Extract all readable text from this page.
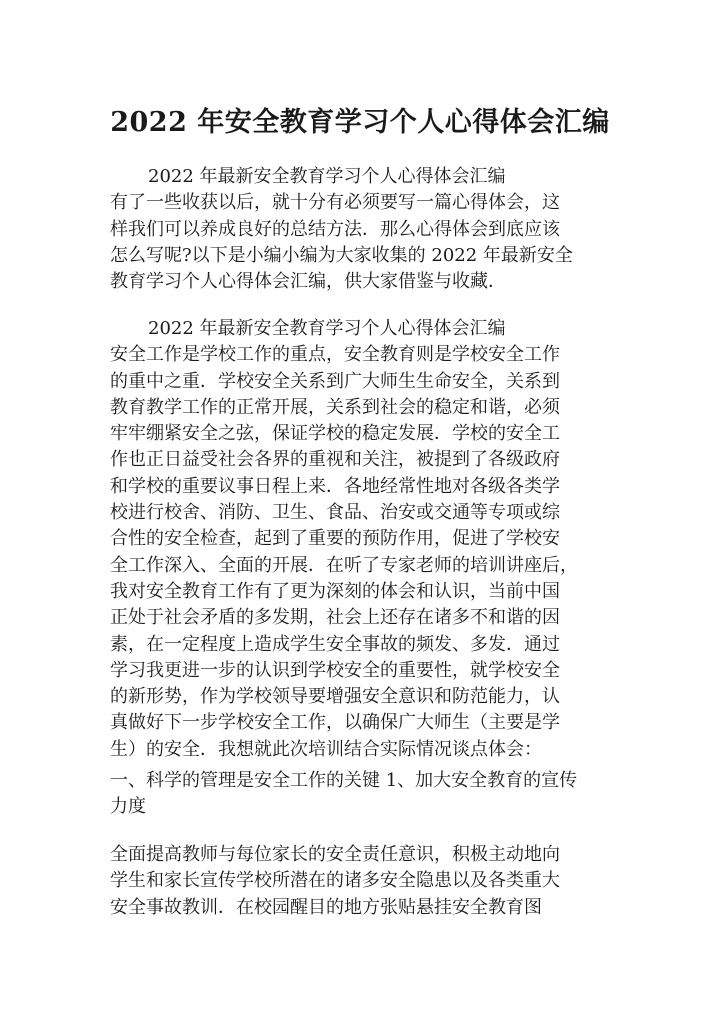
2022 年安全教育学习个人心得体会汇编
2022 年最新安全教育学习个人心得体会汇编
有了一些收获以后，就十分有必须要写一篇心得体会，这
样我们可以养成良好的总结方法．那么心得体会到底应该
怎么写呢?以下是小编小编为大家收集的 2022 年最新安全
教育学习个人心得体会汇编，供大家借鉴与收藏．
2022 年最新安全教育学习个人心得体会汇编
安全工作是学校工作的重点，安全教育则是学校安全工作
的重中之重．学校安全关系到广大师生生命安全，关系到
教育教学工作的正常开展，关系到社会的稳定和谐，必须
牢牢绷紧安全之弦，保证学校的稳定发展．学校的安全工
作也正日益受社会各界的重视和关注，被提到了各级政府
和学校的重要议事日程上来．各地经常性地对各级各类学
校进行校舍、消防、卫生、食品、治安或交通等专项或综
合性的安全检查，起到了重要的预防作用，促进了学校安
全工作深入、全面的开展．在听了专家老师的培训讲座后，
我对安全教育工作有了更为深刻的体会和认识，当前中国
正处于社会矛盾的多发期，社会上还存在诸多不和谐的因
素，在一定程度上造成学生安全事故的频发、多发．通过
学习我更进一步的认识到学校安全的重要性，就学校安全
的新形势，作为学校领导要增强安全意识和防范能力，认
真做好下一步学校安全工作，以确保广大师生（主要是学
生）的安全．我想就此次培训结合实际情况谈点体会：
一、科学的管理是安全工作的关键 1、加大安全教育的宣传
力度
全面提高教师与每位家长的安全责任意识，积极主动地向
学生和家长宣传学校所潜在的诸多安全隐患以及各类重大
安全事故教训．在校园醒目的地方张贴悬挂安全教育图
